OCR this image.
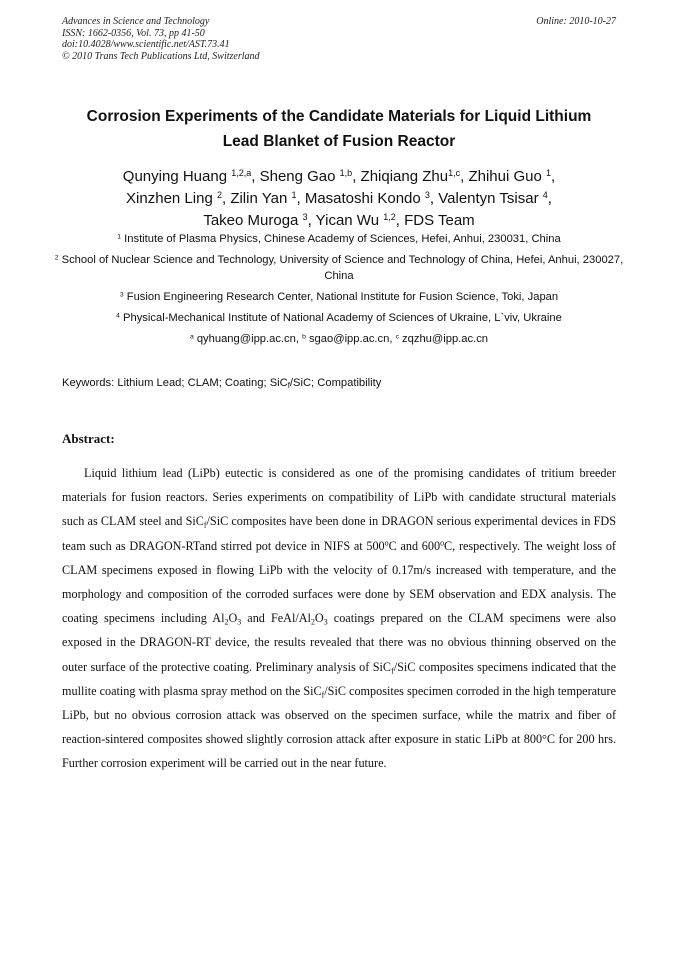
Advances in Science and Technology
ISSN: 1662-0356, Vol. 73, pp 41-50
doi:10.4028/www.scientific.net/AST.73.41
© 2010 Trans Tech Publications Ltd, Switzerland
Online: 2010-10-27
Corrosion Experiments of the Candidate Materials for Liquid Lithium
Lead Blanket of Fusion Reactor
Qunying Huang $^{1,2,a}$, Sheng Gao $^{1,b}$, Zhiqiang Zhu$^{1,c}$, Zhihui Guo $^1$,
Xinzhen Ling $^2$, Zilin Yan $^1$, Masatoshi Kondo $^3$, Valentyn Tsisar $^4$,
Takeo Muroga $^3$, Yican Wu $^{1,2}$, FDS Team
$^1$ Institute of Plasma Physics, Chinese Academy of Sciences, Hefei, Anhui, 230031, China
$^2$ School of Nuclear Science and Technology, University of Science and Technology of China, Hefei, Anhui, 230027, China
$^3$ Fusion Engineering Research Center, National Institute for Fusion Science, Toki, Japan
$^4$ Physical-Mechanical Institute of National Academy of Sciences of Ukraine, L`viv, Ukraine
$^a$ qyhuang@ipp.ac.cn, $^b$ sgao@ipp.ac.cn, $^c$ zqzhu@ipp.ac.cn
Keywords: Lithium Lead; CLAM; Coating; SiC$_f$/SiC; Compatibility
Abstract:

Liquid lithium lead (LiPb) eutectic is considered as one of the promising candidates of tritium breeder materials for fusion reactors. Series experiments on compatibility of LiPb with candidate structural materials such as CLAM steel and SiC$_f$/SiC composites have been done in DRAGON serious experimental devices in FDS team such as DRAGON-RTand stirred pot device in NIFS at 500$^o$C and 600$^o$C, respectively. The weight loss of CLAM specimens exposed in flowing LiPb with the velocity of 0.17m/s increased with temperature, and the morphology and composition of the corroded surfaces were done by SEM observation and EDX analysis. The coating specimens including $Al_2O_3$ and FeAl/$Al_2O_3$ coatings prepared on the CLAM specimens were also exposed in the DRAGON-RT device, the results revealed that there was no obvious thinning observed on the outer surface of the protective coating. Preliminary analysis of SiC$_f$/SiC composites specimens indicated that the mullite coating with plasma spray method on the SiC$_f$/SiC composites specimen corroded in the high temperature LiPb, but no obvious corrosion attack was observed on the specimen surface, while the matrix and fiber of reaction-sintered composites showed slightly corrosion attack after exposure in static LiPb at 800°C for 200 hrs. Further corrosion experiment will be carried out in the near future.
